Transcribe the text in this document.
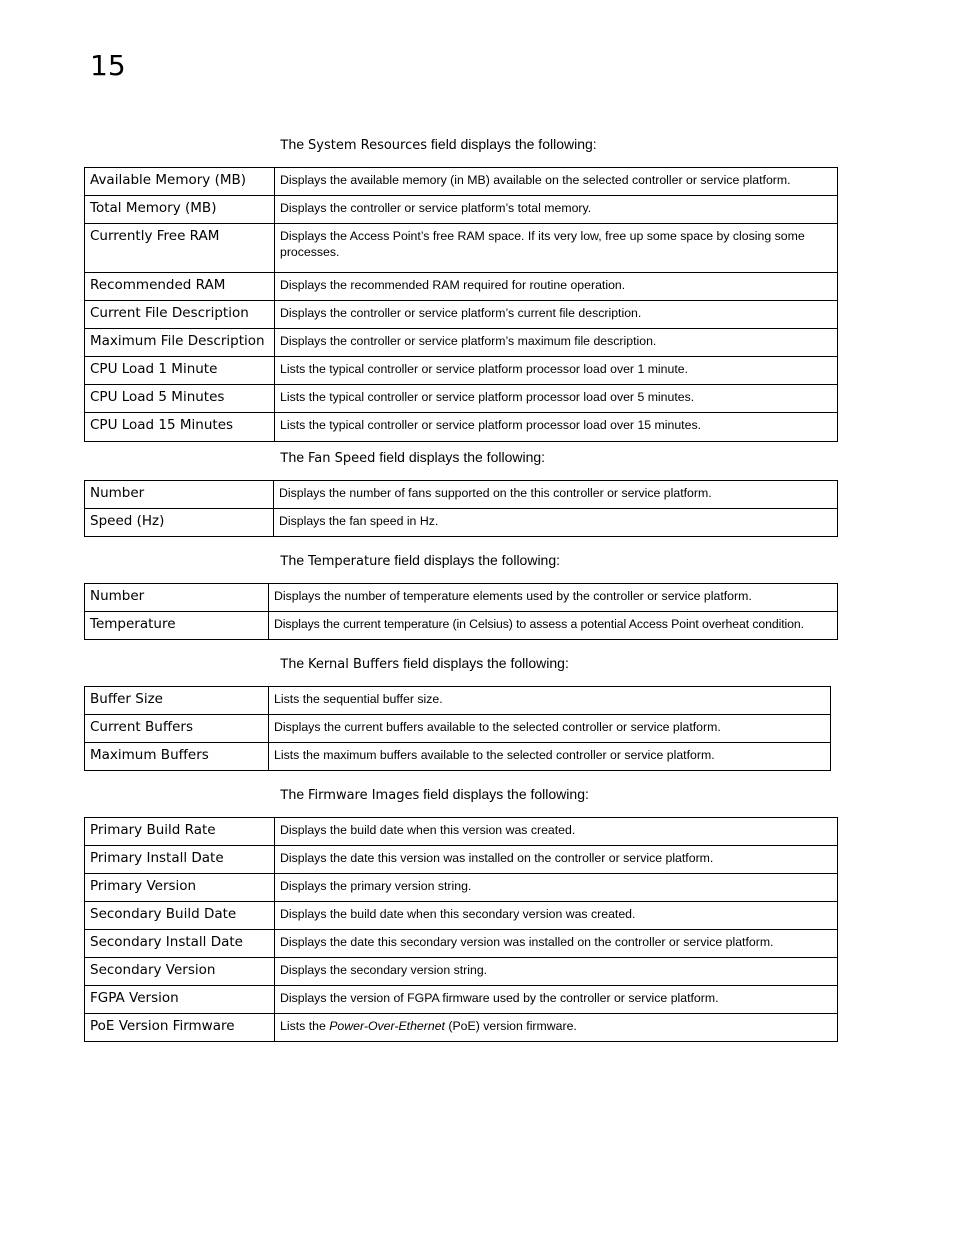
15

The System Resources field displays the following:

Available Memory (MB)	Displays the available memory (in MB) available on the selected controller or service platform.
Total Memory (MB)	Displays the controller or service platform’s total memory.
Currently Free RAM	Displays the Access Point’s free RAM space. If its very low, free up some space by closing some processes.
Recommended RAM	Displays the recommended RAM required for routine operation.
Current File Description	Displays the controller or service platform’s current file description.
Maximum File Description	Displays the controller or service platform’s maximum file description.
CPU Load 1 Minute	Lists the typical controller or service platform processor load over 1 minute.
CPU Load 5 Minutes	Lists the typical controller or service platform processor load over 5 minutes.
CPU Load 15 Minutes	Lists the typical controller or service platform processor load over 15 minutes.

The Fan Speed field displays the following:

Number	Displays the number of fans supported on the this controller or service platform.
Speed (Hz)	Displays the fan speed in Hz.

The Temperature field displays the following:

Number	Displays the number of temperature elements used by the controller or service platform.
Temperature	Displays the current temperature (in Celsius) to assess a potential Access Point overheat condition.

The Kernal Buffers field displays the following:

Buffer Size	Lists the sequential buffer size.
Current Buffers	Displays the current buffers available to the selected controller or service platform.
Maximum Buffers	Lists the maximum buffers available to the selected controller or service platform.

The Firmware Images field displays the following:

Primary Build Rate	Displays the build date when this version was created.
Primary Install Date	Displays the date this version was installed on the controller or service platform.
Primary Version	Displays the primary version string.
Secondary Build Date	Displays the build date when this secondary version was created.
Secondary Install Date	Displays the date this secondary version was installed on the controller or service platform.
Secondary Version	Displays the secondary version string.
FGPA Version	Displays the version of FGPA firmware used by the controller or service platform.
PoE Version Firmware	Lists the Power-Over-Ethernet (PoE) version firmware.
